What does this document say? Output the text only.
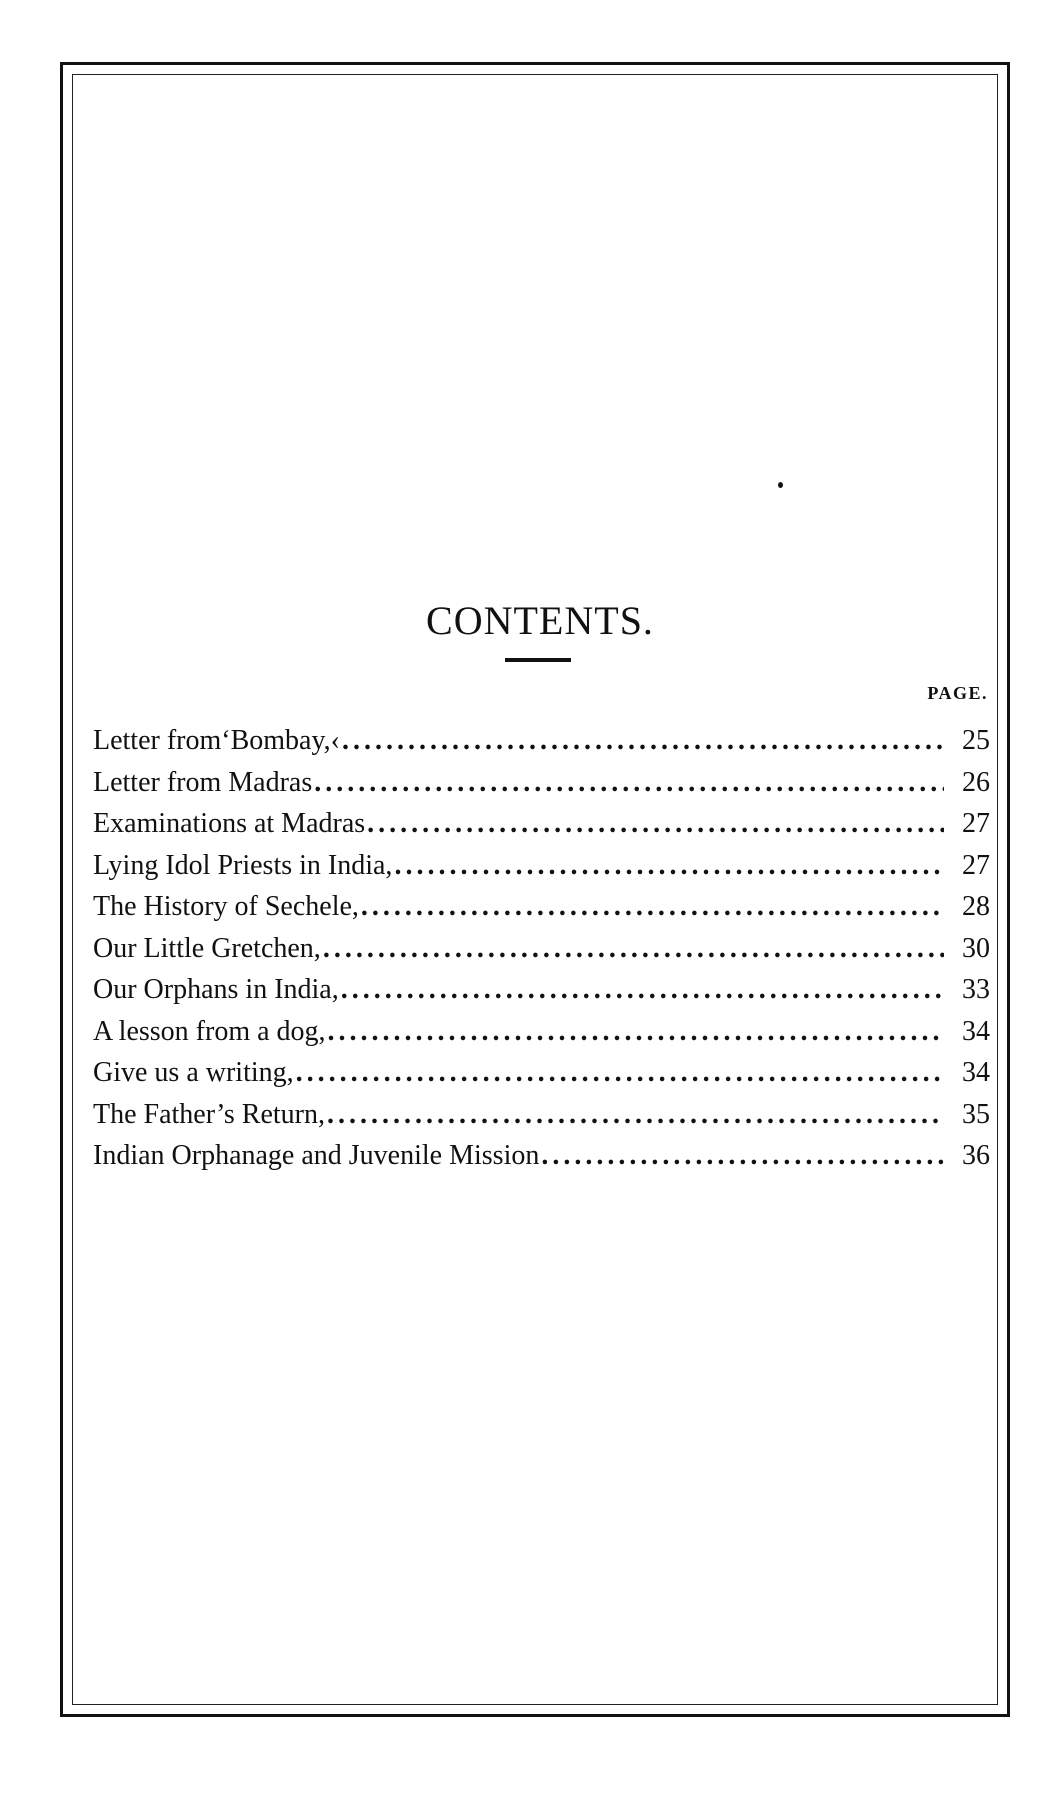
CONTENTS.
PAGE.
Letter fromʻBombay,‹ .....	25
Letter from Madras .....	26
Examinations at Madras .....	27
Lying Idol Priests in India, .....	27
The History of Sechele, .....	28
Our Little Gretchen, .....	30
Our Orphans in India, .....	33
A lesson from a dog, .....	34
Give us a writing, .....	34
The Father’s Return, .....	35
Indian Orphanage and Juvenile Mission .....	36
